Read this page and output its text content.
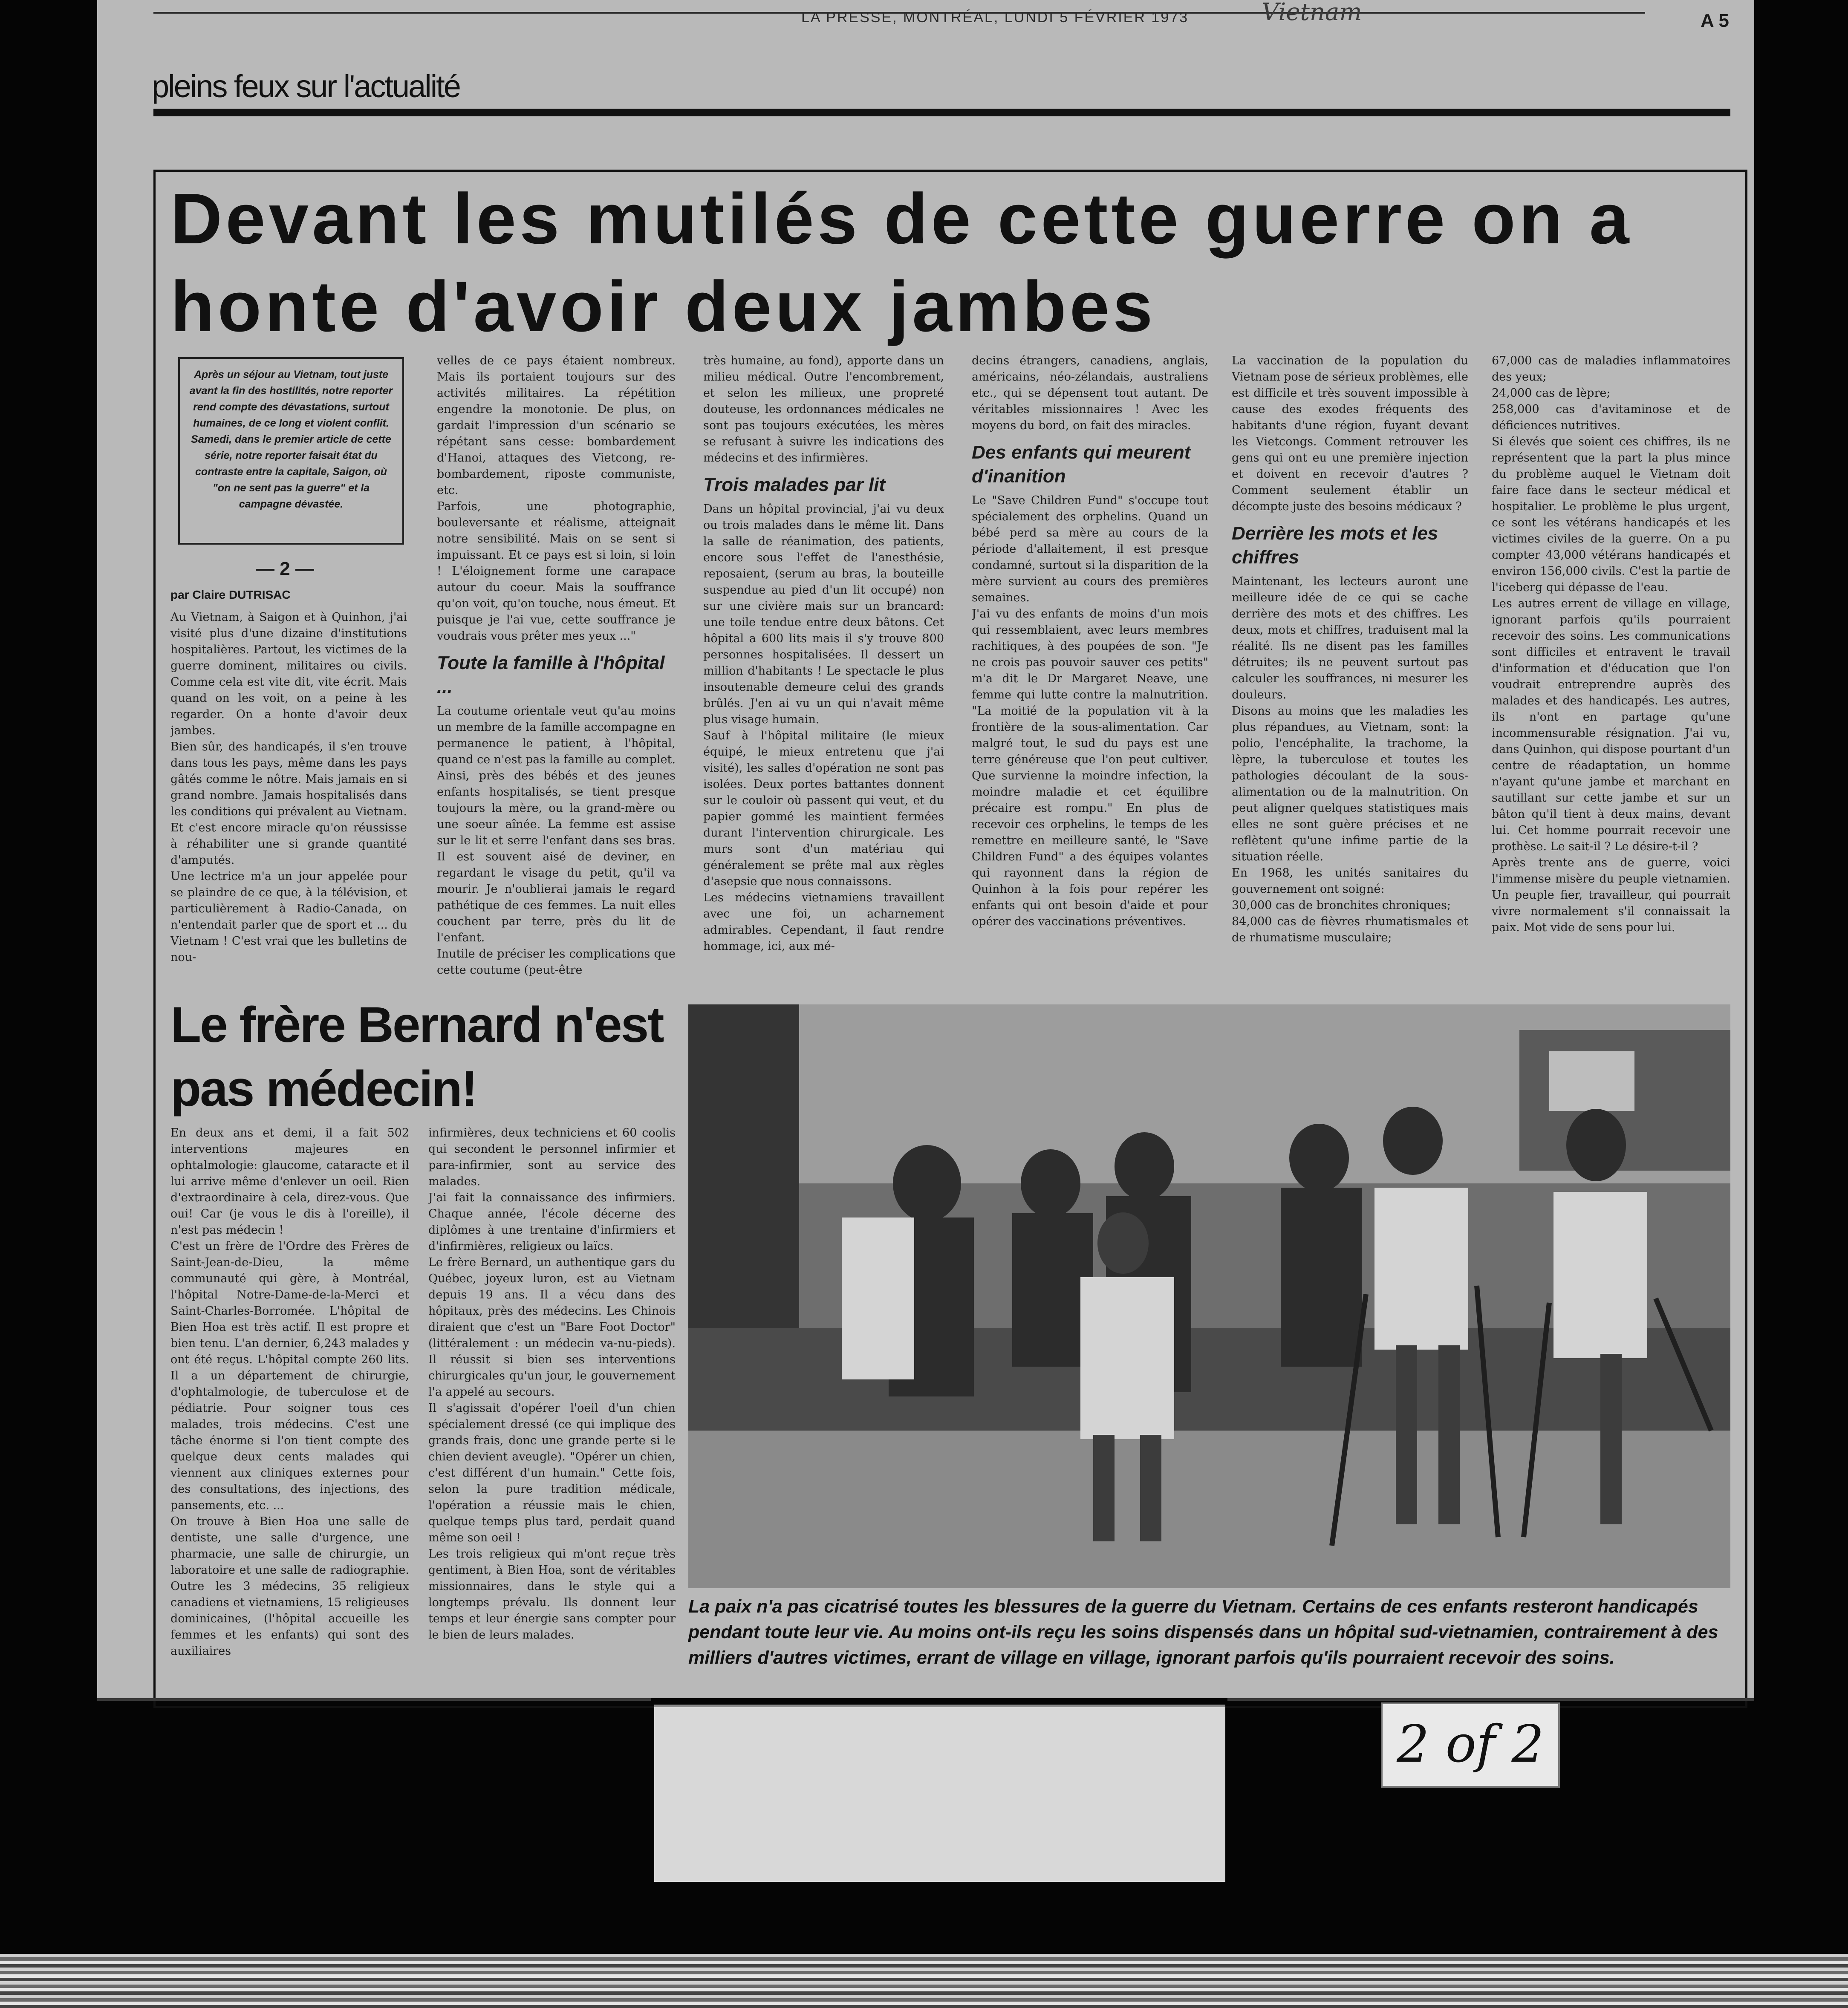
LA PRESSE, MONTRÉAL, LUNDI 5 FÉVRIER 1973	Vietnam	A 5
pleins feux sur l'actualité
Devant les mutilés de cette guerre on a honte d'avoir deux jambes
Après un séjour au Vietnam, tout juste avant la fin des hostilités, notre reporter rend compte des dévastations, surtout humaines, de ce long et violent conflit. Samedi, dans le premier article de cette série, notre reporter faisait état du contraste entre la capitale, Saigon, où "on ne sent pas la guerre" et la campagne dévastée.
— 2 —
par Claire DUTRISAC
Au Vietnam, à Saigon et à Quinhon, j'ai visité plus d'une dizaine d'institutions hospitalières. Partout, les victimes de la guerre dominent, militaires ou civils. Comme cela est vite dit, vite écrit. Mais quand on les voit, on a peine à les regarder. On a honte d'avoir deux jambes.
Bien sûr, des handicapés, il s'en trouve dans tous les pays, même dans les pays gâtés comme le nôtre. Mais jamais en si grand nombre. Jamais hospitalisés dans les conditions qui prévalent au Vietnam. Et c'est encore miracle qu'on réussisse à réhabiliter une si grande quantité d'amputés.
Une lectrice m'a un jour appelée pour se plaindre de ce que, à la télévision, et particulièrement à Radio-Canada, on n'entendait parler que de sport et ... du Vietnam ! C'est vrai que les bulletins de nou-
velles de ce pays étaient nombreux. Mais ils portaient toujours sur des activités militaires. La répétition engendre la monotonie. De plus, on gardait l'impression d'un scénario se répétant sans cesse: bombardement d'Hanoi, attaques des Vietcong, re-bombardement, riposte communiste, etc.
Parfois, une photographie, bouleversante et réalisme, atteignait notre sensibilité. Mais on se sent si impuissant. Et ce pays est si loin, si loin ! L'éloignement forme une carapace autour du coeur. Mais la souffrance qu'on voit, qu'on touche, nous émeut. Et puisque je l'ai vue, cette souffrance je voudrais vous prêter mes yeux ..."
Toute la famille à l'hôpital ...
La coutume orientale veut qu'au moins un membre de la famille accompagne en permanence le patient, à l'hôpital, quand ce n'est pas la famille au complet. Ainsi, près des bébés et des jeunes enfants hospitalisés, se tient presque toujours la mère, ou la grand-mère ou une soeur aînée. La femme est assise sur le lit et serre l'enfant dans ses bras. Il est souvent aisé de deviner, en regardant le visage du petit, qu'il va mourir. Je n'oublierai jamais le regard pathétique de ces femmes. La nuit elles couchent par terre, près du lit de l'enfant.
Inutile de préciser les complications que cette coutume (peut-être
très humaine, au fond), apporte dans un milieu médical. Outre l'encombrement, et selon les milieux, une propreté douteuse, les ordonnances médicales ne sont pas toujours exécutées, les mères se refusant à suivre les indications des médecins et des infirmières.
Trois malades par lit
Dans un hôpital provincial, j'ai vu deux ou trois malades dans le même lit. Dans la salle de réanimation, des patients, encore sous l'effet de l'anesthésie, reposaient, (serum au bras, la bouteille suspendue au pied d'un lit occupé) non sur une civière mais sur un brancard: une toile tendue entre deux bâtons. Cet hôpital a 600 lits mais il s'y trouve 800 personnes hospitalisées. Il dessert un million d'habitants ! Le spectacle le plus insoutenable demeure celui des grands brûlés. J'en ai vu un qui n'avait même plus visage humain.
Sauf à l'hôpital militaire (le mieux équipé, le mieux entretenu que j'ai visité), les salles d'opération ne sont pas isolées. Deux portes battantes donnent sur le couloir où passent qui veut, et du papier gommé les maintient fermées durant l'intervention chirurgicale. Les murs sont d'un matériau qui généralement se prête mal aux règles d'asepsie que nous connaissons.
Les médecins vietnamiens travaillent avec une foi, un acharnement admirables. Cependant, il faut rendre hommage, ici, aux mé-
decins étrangers, canadiens, anglais, américains, néo-zélandais, australiens etc., qui se dépensent tout autant. De véritables missionnaires ! Avec les moyens du bord, on fait des miracles.
Des enfants qui meurent d'inanition
Le "Save Children Fund" s'occupe tout spécialement des orphelins. Quand un bébé perd sa mère au cours de la période d'allaitement, il est presque condamné, surtout si la disparition de la mère survient au cours des premières semaines.
J'ai vu des enfants de moins d'un mois qui ressemblaient, avec leurs membres rachitiques, à des poupées de son. "Je ne crois pas pouvoir sauver ces petits" m'a dit le Dr Margaret Neave, une femme qui lutte contre la malnutrition. "La moitié de la population vit à la frontière de la sous-alimentation. Car malgré tout, le sud du pays est une terre généreuse que l'on peut cultiver. Que survienne la moindre infection, la moindre maladie et cet équilibre précaire est rompu." En plus de recevoir ces orphelins, le temps de les remettre en meilleure santé, le "Save Children Fund" a des équipes volantes qui rayonnent dans la région de Quinhon à la fois pour repérer les enfants qui ont besoin d'aide et pour opérer des vaccinations préventives.
La vaccination de la population du Vietnam pose de sérieux problèmes, elle est difficile et très souvent impossible à cause des exodes fréquents des habitants d'une région, fuyant devant les Vietcongs. Comment retrouver les gens qui ont eu une première injection et doivent en recevoir d'autres ? Comment seulement établir un décompte juste des besoins médicaux ?
Derrière les mots et les chiffres
Maintenant, les lecteurs auront une meilleure idée de ce qui se cache derrière des mots et des chiffres. Les deux, mots et chiffres, traduisent mal la réalité. Ils ne disent pas les familles détruites; ils ne peuvent surtout pas calculer les souffrances, ni mesurer les douleurs.
Disons au moins que les maladies les plus répandues, au Vietnam, sont: la polio, l'encéphalite, la trachome, la lèpre, la tuberculose et toutes les pathologies découlant de la sous-alimentation ou de la malnutrition. On peut aligner quelques statistiques mais elles ne sont guère précises et ne reflètent qu'une infime partie de la situation réelle.
En 1968, les unités sanitaires du gouvernement ont soigné:
30,000 cas de bronchites chroniques;
84,000 cas de fièvres rhumatismales et de rhumatisme musculaire;
67,000 cas de maladies inflammatoires des yeux;
24,000 cas de lèpre;
258,000 cas d'avitaminose et de déficiences nutritives.
Si élevés que soient ces chiffres, ils ne représentent que la part la plus mince du problème auquel le Vietnam doit faire face dans le secteur médical et hospitalier. Le problème le plus urgent, ce sont les vétérans handicapés et les victimes civiles de la guerre. On a pu compter 43,000 vétérans handicapés et environ 156,000 civils. C'est la partie de l'iceberg qui dépasse de l'eau.
Les autres errent de village en village, ignorant parfois qu'ils pourraient recevoir des soins. Les communications sont difficiles et entravent le travail d'information et d'éducation que l'on voudrait entreprendre auprès des malades et des handicapés. Les autres, ils n'ont en partage qu'une incommensurable résignation. J'ai vu, dans Quinhon, qui dispose pourtant d'un centre de réadaptation, un homme n'ayant qu'une jambe et marchant en sautillant sur cette jambe et sur un bâton qu'il tient à deux mains, devant lui. Cet homme pourrait recevoir une prothèse. Le sait-il ? Le désire-t-il ?
Après trente ans de guerre, voici l'immense misère du peuple vietnamien. Un peuple fier, travailleur, qui pourrait vivre normalement s'il connaissait la paix. Mot vide de sens pour lui.
Le frère Bernard n'est pas médecin!
En deux ans et demi, il a fait 502 interventions majeures en ophtalmologie: glaucome, cataracte et il lui arrive même d'enlever un oeil. Rien d'extraordinaire à cela, direz-vous. Que oui! Car (je vous le dis à l'oreille), il n'est pas médecin !
C'est un frère de l'Ordre des Frères de Saint-Jean-de-Dieu, la même communauté qui gère, à Montréal, l'hôpital Notre-Dame-de-la-Merci et Saint-Charles-Borromée. L'hôpital de Bien Hoa est très actif. Il est propre et bien tenu. L'an dernier, 6,243 malades y ont été reçus. L'hôpital compte 260 lits. Il a un département de chirurgie, d'ophtalmologie, de tuberculose et de pédiatrie. Pour soigner tous ces malades, trois médecins. C'est une tâche énorme si l'on tient compte des quelque deux cents malades qui viennent aux cliniques externes pour des consultations, des injections, des pansements, etc. ...
On trouve à Bien Hoa une salle de dentiste, une salle d'urgence, une pharmacie, une salle de chirurgie, un laboratoire et une salle de radiographie. Outre les 3 médecins, 35 religieux canadiens et vietnamiens, 15 religieuses dominicaines, (l'hôpital accueille les femmes et les enfants) qui sont des auxiliaires
infirmières, deux techniciens et 60 coolis qui secondent le personnel infirmier et para-infirmier, sont au service des malades.
J'ai fait la connaissance des infirmiers. Chaque année, l'école décerne des diplômes à une trentaine d'infirmiers et d'infirmières, religieux ou laïcs.
Le frère Bernard, un authentique gars du Québec, joyeux luron, est au Vietnam depuis 19 ans. Il a vécu dans des hôpitaux, près des médecins. Les Chinois diraient que c'est un "Bare Foot Doctor" (littéralement : un médecin va-nu-pieds). Il réussit si bien ses interventions chirurgicales qu'un jour, le gouvernement l'a appelé au secours.
Il s'agissait d'opérer l'oeil d'un chien spécialement dressé (ce qui implique des grands frais, donc une grande perte si le chien devient aveugle). "Opérer un chien, c'est différent d'un humain." Cette fois, selon la pure tradition médicale, l'opération a réussie mais le chien, quelque temps plus tard, perdait quand même son oeil !
Les trois religieux qui m'ont reçue très gentiment, à Bien Hoa, sont de véritables missionnaires, dans le style qui a longtemps prévalu. Ils donnent leur temps et leur énergie sans compter pour le bien de leurs malades.
La paix n'a pas cicatrisé toutes les blessures de la guerre du Vietnam. Certains de ces enfants resteront handicapés pendant toute leur vie. Au moins ont-ils reçu les soins dispensés dans un hôpital sud-vietnamien, contrairement à des milliers d'autres victimes, errant de village en village, ignorant parfois qu'ils pourraient recevoir des soins.
2 of 2
